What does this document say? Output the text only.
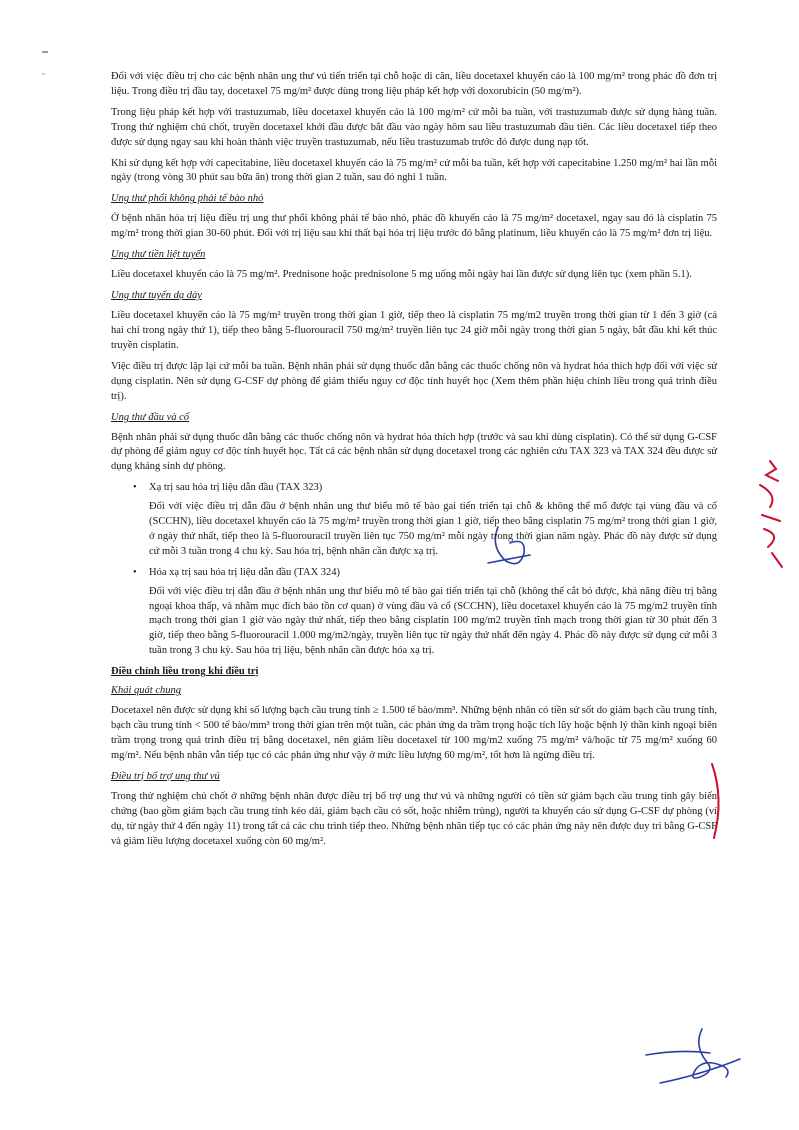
Đối với việc điều trị cho các bệnh nhân ung thư vú tiến triển tại chỗ hoặc di căn, liều docetaxel khuyến cáo là 100 mg/m² trong phác đồ đơn trị liệu. Trong điều trị đầu tay, docetaxel 75 mg/m² được dùng trong liệu pháp kết hợp với doxorubicin (50 mg/m²).

Trong liệu pháp kết hợp với trastuzumab, liều docetaxel khuyến cáo là 100 mg/m² cứ mỗi ba tuần, với trastuzumab được sử dụng hàng tuần. Trong thử nghiệm chủ chốt, truyền docetaxel khởi đầu được bắt đầu vào ngày hôm sau liều trastuzumab đầu tiên. Các liều docetaxel tiếp theo được sử dụng ngay sau khi hoàn thành việc truyền trastuzumab, nếu liều trastuzumab trước đó được dung nạp tốt.

Khi sử dụng kết hợp với capecitabine, liều docetaxel khuyến cáo là 75 mg/m² cứ mỗi ba tuần, kết hợp với capecitabine 1.250 mg/m² hai lần mỗi ngày (trong vòng 30 phút sau bữa ăn) trong thời gian 2 tuần, sau đó nghỉ 1 tuần.

Ung thư phổi không phải tế bào nhỏ

Ở bệnh nhân hóa trị liệu điều trị ung thư phổi không phải tế bào nhỏ, phác đồ khuyến cáo là 75 mg/m² docetaxel, ngay sau đó là cisplatin 75 mg/m² trong thời gian 30-60 phút. Đối với trị liệu sau khi thất bại hóa trị liệu trước đó bằng platinum, liều khuyến cáo là 75 mg/m² đơn trị liệu.

Ung thư tiền liệt tuyến

Liều docetaxel khuyến cáo là 75 mg/m². Prednisone hoặc prednisolone 5 mg uống mỗi ngày hai lần được sử dụng liên tục (xem phần 5.1).

Ung thư tuyến dạ dày

Liều docetaxel khuyến cáo là 75 mg/m² truyền trong thời gian 1 giờ, tiếp theo là cisplatin 75 mg/m2 truyền trong thời gian từ 1 đến 3 giờ (cả hai chỉ trong ngày thứ 1), tiếp theo bằng 5-fluorouracil 750 mg/m² truyền liên tục 24 giờ mỗi ngày trong thời gian 5 ngày, bắt đầu khi kết thúc truyền cisplatin.

Việc điều trị được lặp lại cứ mỗi ba tuần. Bệnh nhân phải sử dụng thuốc dẫn bằng các thuốc chống nôn và hydrat hóa thích hợp đối với việc sử dụng cisplatin. Nên sử dụng G-CSF dự phòng để giảm thiểu nguy cơ độc tính huyết học (Xem thêm phần hiệu chỉnh liều trong quá trình điều trị).

Ung thư đầu và cổ

Bệnh nhân phải sử dụng thuốc dẫn bằng các thuốc chống nôn và hydrat hóa thích hợp (trước và sau khi dùng cisplatin). Có thể sử dụng G-CSF dự phòng để giảm nguy cơ độc tính huyết học. Tất cả các bệnh nhân sử dụng docetaxel trong các nghiên cứu TAX 323 và TAX 324 đều được sử dụng kháng sinh dự phòng.

• Xạ trị sau hóa trị liệu dẫn đầu (TAX 323)

Đối với việc điều trị dẫn đầu ở bệnh nhân ung thư biểu mô tế bào gai tiến triển tại chỗ & không thể mổ được tại vùng đầu và cổ (SCCHN), liều docetaxel khuyến cáo là 75 mg/m² truyền trong thời gian 1 giờ, tiếp theo bằng cisplatin 75 mg/m² trong thời gian 1 giờ, ở ngày thứ nhất, tiếp theo là 5-fluorouracil truyền liên tục 750 mg/m² mỗi ngày trong thời gian năm ngày. Phác đồ này được sử dụng cứ mỗi 3 tuần trong 4 chu kỳ. Sau hóa trị, bệnh nhân cần được xạ trị.

• Hóa xạ trị sau hóa trị liệu dẫn đầu (TAX 324)

Đối với việc điều trị dẫn đầu ở bệnh nhân ung thư biểu mô tế bào gai tiến triển tại chỗ (không thể cắt bỏ được, khả năng điều trị bằng ngoại khoa thấp, và nhằm mục đích bảo tồn cơ quan) ở vùng đầu và cổ (SCCHN), liều docetaxel khuyến cáo là 75 mg/m2 truyền tĩnh mạch trong thời gian 1 giờ vào ngày thứ nhất, tiếp theo bằng cisplatin 100 mg/m2 truyền tĩnh mạch trong thời gian từ 30 phút đến 3 giờ, tiếp theo bằng 5-fluorouracil 1.000 mg/m2/ngày, truyền liên tục từ ngày thứ nhất đến ngày 4. Phác đồ này được sử dụng cứ mỗi 3 tuần trong 3 chu kỳ. Sau hóa trị liệu, bệnh nhân cần được hóa xạ trị.

Điều chỉnh liều trong khi điều trị
Khái quát chung

Docetaxel nên được sử dụng khi số lượng bạch cầu trung tính ≥ 1.500 tế bào/mm³. Những bệnh nhân có tiền sử sốt do giảm bạch cầu trung tính, bạch cầu trung tính < 500 tế bào/mm³ trong thời gian trên một tuần, các phản ứng da trầm trọng hoặc tích lũy hoặc bệnh lý thần kinh ngoại biên trầm trọng trong quá trình điều trị bằng docetaxel, nên giảm liều docetaxel từ 100 mg/m2 xuống 75 mg/m² và/hoặc từ 75 mg/m² xuống 60 mg/m². Nếu bệnh nhân vẫn tiếp tục có các phản ứng như vậy ở mức liều lượng 60 mg/m², tốt hơn là ngừng điều trị.

Điều trị bổ trợ ung thư vú

Trong thử nghiệm chủ chốt ở những bệnh nhân được điều trị bổ trợ ung thư vú và những người có tiền sử giảm bạch cầu trung tính gây biến chứng (bao gồm giảm bạch cầu trung tính kéo dài, giảm bạch cầu có sốt, hoặc nhiễm trùng), người ta khuyến cáo sử dụng G-CSF dự phòng (ví dụ, từ ngày thứ 4 đến ngày 11) trong tất cả các chu trình tiếp theo. Những bệnh nhân tiếp tục có các phản ứng này nên được duy trì bằng G-CSF và giảm liều lượng docetaxel xuống còn 60 mg/m².
